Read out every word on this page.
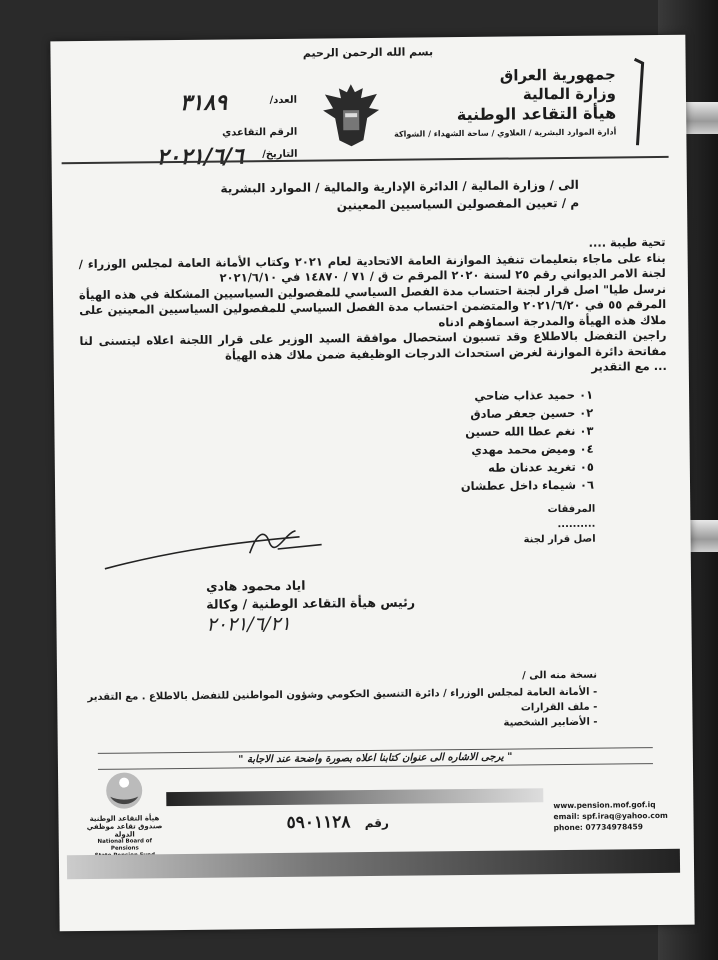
بسم الله الرحمن الرحيم
جمهورية العراق
وزارة المالية
هيأة التقاعد الوطنية
أدارة الموارد البشرية / العلاوي / ساحة الشهداء / الشواكة
العدد/
٣١٨٩
الرقم التقاعدي
التاريخ/
٢٠٢١/٦/٦
الى / وزارة المالية / الدائرة الإدارية والمالية / الموارد البشرية
م / تعيين المفصولين السياسيين المعينين

تحية طيبة ....

بناء على ماجاء بتعليمات تنفيذ الموازنة العامة الاتحادية لعام ٢٠٢١ وكتاب الأمانة العامة لمجلس الوزراء / لجنة الامر الديواني رقم ٢٥ لسنة ٢٠٢٠ المرقم ت ق / ٧١ / ١٤٨٧٠ في ٢٠٢١/٦/١٠

نرسل طيا" اصل قرار لجنة احتساب مدة الفصل السياسي للمفصولين السياسيين المشكلة في هذه الهيأة المرقم ٥٥ في ٢٠٢١/٦/٢٠ والمتضمن احتساب مدة الفصل السياسي للمفصولين السياسيين المعينين على ملاك هذه الهيأة والمدرجة اسماؤهم ادناه

راجين التفضل بالاطلاع وقد تسبون استحصال موافقة السيد الوزير على قرار اللجنة اعلاه ليتسنى لنا مفاتحة دائرة الموازنة لغرض استحداث الدرجات الوظيفية ضمن ملاك هذه الهيأة

... مع التقدير

٠١ حميد عذاب ضاحي
٠٢ حسين جعفر صادق
٠٣ نغم عطا الله حسين
٠٤ وميض محمد مهدي
٠٥ تغريد عدنان طه
٠٦ شيماء داخل عطشان
المرفقات
..........
اصل قرار لجنة
اياد محمود هادي
رئيس هيأة التقاعد الوطنية / وكالة
٢٠٢١/٦/٢١
نسخة منه الى /
- الأمانة العامة لمجلس الوزراء / دائرة التنسيق الحكومي وشؤون المواطنين للتفضل بالاطلاع . مع التقدير
- ملف القرارات
- الأضابير الشخصية
" يرجى الاشاره الى عنوان كتابنا اعلاه بصورة واضحة عند الاجابة "
هيأة التقاعد الوطنية
صندوق تقاعد موظفي الدولة
National Board of Pensions
www.pension.mof.gof.iq
email: spf.iraq@yahoo.com
phone: 07734978459
رقم ٥٩٠١١٢٨
